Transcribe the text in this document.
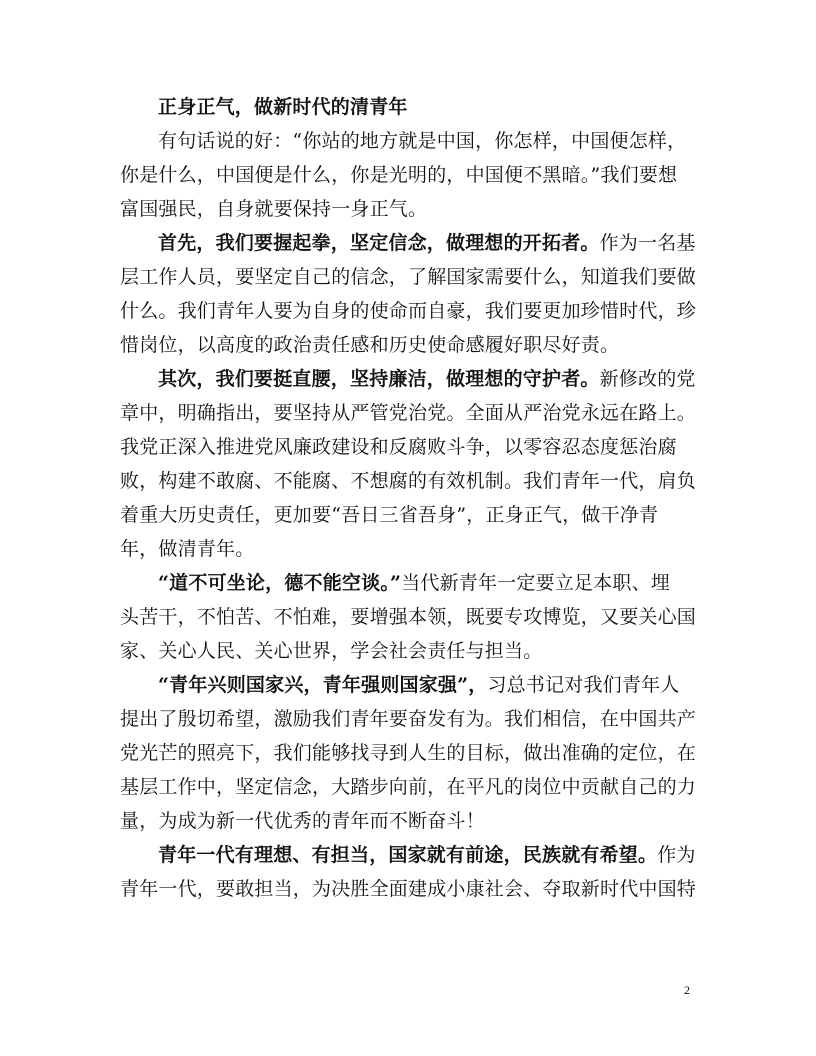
正身正气，做新时代的清青年
有句话说的好：“你站的地方就是中国，你怎样，中国便怎样，
你是什么，中国便是什么，你是光明的，中国便不黑暗。”我们要想
富国强民，自身就要保持一身正气。
首先，我们要握起拳，坚定信念，做理想的开拓者。作为一名基
层工作人员，要坚定自己的信念，了解国家需要什么，知道我们要做
什么。我们青年人要为自身的使命而自豪，我们要更加珍惜时代，珍
惜岗位，以高度的政治责任感和历史使命感履好职尽好责。
其次，我们要挺直腰，坚持廉洁，做理想的守护者。新修改的党
章中，明确指出，要坚持从严管党治党。全面从严治党永远在路上。
我党正深入推进党风廉政建设和反腐败斗争，以零容忍态度惩治腐
败，构建不敢腐、不能腐、不想腐的有效机制。我们青年一代，肩负
着重大历史责任，更加要“吾日三省吾身”，正身正气，做干净青
年，做清青年。
“道不可坐论，德不能空谈。”当代新青年一定要立足本职、埋
头苦干，不怕苦、不怕难，要增强本领，既要专攻博览，又要关心国
家、关心人民、关心世界，学会社会责任与担当。
“青年兴则国家兴，青年强则国家强”，习总书记对我们青年人
提出了殷切希望，激励我们青年要奋发有为。我们相信，在中国共产
党光芒的照亮下，我们能够找寻到人生的目标，做出准确的定位，在
基层工作中，坚定信念，大踏步向前，在平凡的岗位中贡献自己的力
量，为成为新一代优秀的青年而不断奋斗！
青年一代有理想、有担当，国家就有前途，民族就有希望。作为
青年一代，要敢担当，为决胜全面建成小康社会、夺取新时代中国特
2
